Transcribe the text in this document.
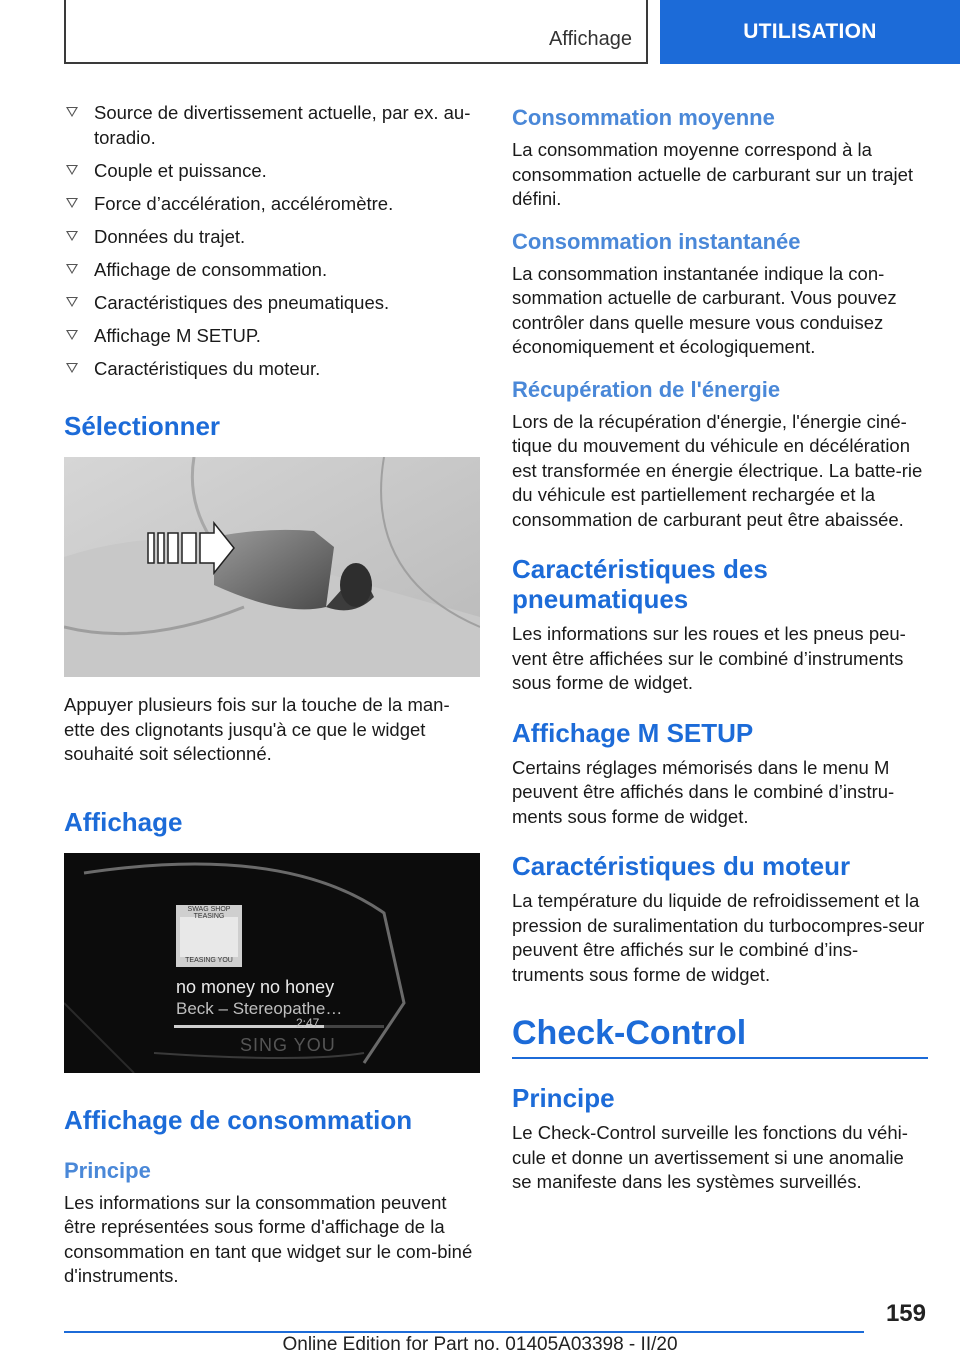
Affichage	UTILISATION
Source de divertissement actuelle, par ex. au-toradio.
Couple et puissance.
Force d’accélération, accéléromètre.
Données du trajet.
Affichage de consommation.
Caractéristiques des pneumatiques.
Affichage M SETUP.
Caractéristiques du moteur.
Sélectionner

Appuyer plusieurs fois sur la touche de la man-ette des clignotants jusqu'à ce que le widget souhaité soit sélectionné.

Affichage
SWAG SHOP TEASING
TEASING YOU
no money no honey
Beck – Stereopathe…
2:47
SING YOU
Affichage de consommation
Principe

Les informations sur la consommation peuvent être représentées sous forme d'affichage de la consommation en tant que widget sur le com-biné d'instruments.

Consommation moyenne

La consommation moyenne correspond à la consommation actuelle de carburant sur un trajet défini.

Consommation instantanée

La consommation instantanée indique la con-sommation actuelle de carburant. Vous pouvez contrôler dans quelle mesure vous conduisez économiquement et écologiquement.

Récupération de l'énergie

Lors de la récupération d'énergie, l'énergie ciné-tique du mouvement du véhicule en décélération est transformée en énergie électrique. La batte-rie du véhicule est partiellement rechargée et la consommation de carburant peut être abaissée.

Caractéristiques des pneumatiques

Les informations sur les roues et les pneus peu-vent être affichées sur le combiné d’instruments sous forme de widget.

Affichage M SETUP

Certains réglages mémorisés dans le menu M peuvent être affichés dans le combiné d’instru-ments sous forme de widget.

Caractéristiques du moteur

La température du liquide de refroidissement et la pression de suralimentation du turbocompres-seur peuvent être affichés sur le combiné d’ins-truments sous forme de widget.

Check-Control
Principe

Le Check-Control surveille les fonctions du véhi-cule et donne un avertissement si une anomalie se manifeste dans les systèmes surveillés.

159
Online Edition for Part no. 01405A03398 - II/20
